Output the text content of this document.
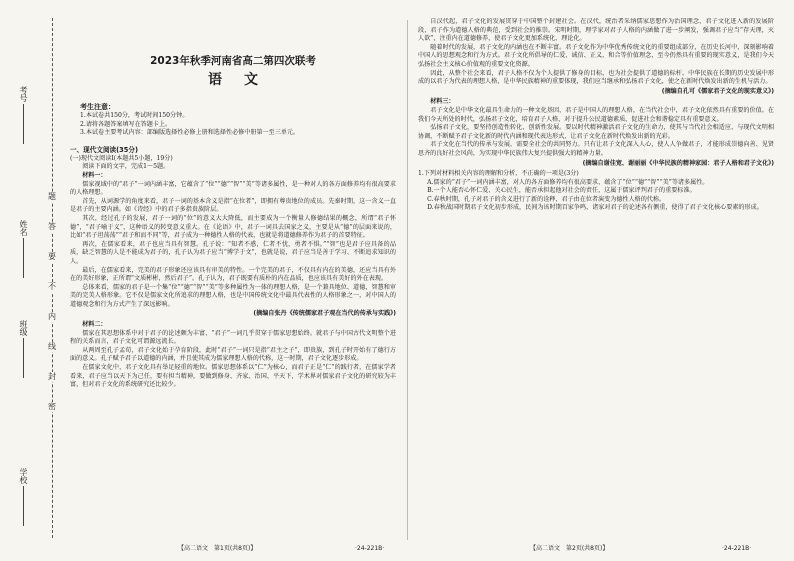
考号
姓名
班级
学校
题
答
要
不
内
线
封
密
2023年秋季河南省高二第四次联考
语文
考生注意：

1.本试卷共150分，考试时间150分钟。

2.请将各题答案填写在答题卡上。

3.本试卷主要考试内容：部编版选择性必修上册和选择性必修中册第一至三单元。

一、现代文阅读(35分)

(一)现代文阅读Ⅰ(本题共5小题，19分)

阅读下面的文字，完成1～5题。

材料一：

儒家视域中的“君子”一词内涵丰富，它蕴含了“位”“德”“智”“美”等诸多属性，是一种对人的各方面修养均有很高要求的人格理想。

首先，从词源学的角度来看，君子一词的基本含义是指“在位者”，即拥有尊贵地位的成员。先秦时期，这一含义一直是君子的主要内涵。如《诗经》中的君子多指贵族阶层。

其次，经过孔子的发展，君子一词的“位”的意义大大降低，而主要成为一个衡量人修德结果的概念，所谓“君子怀德”，“君子喻于义”，这种语义的转变意义重大。在《论语》中，君子一词具去国家之义，主要是从“德”的层面来说的，比如“君子坦荡荡”“君子和而不同”等，君子成为一种德性人格的代表，也就是将道德修养作为君子的首要特征。

再次，在儒家看来，君子也应当具有智慧。孔子说：“知者不惑，仁者不忧，勇者不惧。”“智”也是君子应具备的品质，缺乏智慧的人是不能成为君子的，孔子认为君子应当“博学于文”，也就是说，君子应当是善于学习、不断追求知识的人。

最后，在儒家看来，完美的君子形象还应该具有审美的特性。一个完美的君子，不仅具有内在的美德，还应当具有外在的美好形象，正所谓“文质彬彬，然后君子”。孔子认为，君子既要有质朴的内在品质，也应该具有美好的外在表现。

总体来看，儒家的君子是一个集“位”“德”“智”“美”等多种属性为一体的理想人格，是一个兼具地位、道德、智慧和审美的完美人格形象。它不仅是儒家文化所追求的理想人格，也是中国传统文化中最具代表性的人格形象之一，对中国人的道德观念和行为方式产生了深远影响。

(摘编自张丹《传统儒家君子观在当代的传承与实践》)

材料二：

儒家在其思想体系中对于君子的论述颇为丰富，“君子”一词几乎贯穿于儒家思想始终。就君子与中国古代文明整个进程的关系而言，君子文化可谓源远流长。

从两周至孔子孟荀，君子文化始于孕育阶段，此时“君子”一词只是指“君主之子”，即贵族，到孔子时开始有了德行方面的意义。孔子赋予君子以道德的内涵，并且使其成为儒家理想人格的代称，这一时期，君子文化逐步形成。

在儒家文化中，君子文化具有举足轻重的地位。儒家思想体系以“仁”为核心，而君子正是“仁”的践行者，在儒家学者看来，君子应当以天下为己任，要有担当精神，要做到修身、齐家、治国、平天下，学术界对儒家君子文化的研究较为丰富，但对君子文化的系统研究还比较少。

自汉代起，君子文化的发展贯穿于中国整个封建社会。在汉代，统治者采纳儒家思想作为治国理念，君子文化进入新的发展阶段，君子作为道德人格的典范，受到社会的推崇。宋明时期，理学家对君子人格的内涵做了进一步阐发，强调君子应当“存天理，灭人欲”，注重内在道德修养，使君子文化更加系统化、理论化。

随着时代的发展，君子文化的内涵也在不断丰富。君子文化作为中华优秀传统文化的重要组成部分，在历史长河中，深刻影响着中国人的思想观念和行为方式。君子文化所倡导的仁爱、诚信、正义、和合等价值理念，至今仍然具有重要的现实意义，是我们今天弘扬社会主义核心价值观的重要文化资源。

因此，从整个社会来看，君子人格不仅为个人提供了修身的目标，也为社会提供了道德的标杆。中华民族在长期的历史发展中形成的以君子为代表的理想人格，是中华民族精神的重要体现，我们应当继承和弘扬君子文化，使之在新时代焕发出新的生机与活力。

(摘编自孔可《儒家君子文化的现实意义》)

材料三：

君子文化是中华文化最具生命力的一种文化基因，君子是中国人的理想人格，在当代社会中，君子文化依然具有重要的价值。在我们今天所处的时代，弘扬君子文化，培育君子人格，对于提升公民道德素质、促进社会和谐稳定具有重要意义。

弘扬君子文化，要坚持创造性转化、创新性发展。要以时代精神激活君子文化的生命力，使其与当代社会相适应、与现代文明相协调，不断赋予君子文化新的时代内涵和现代表达形式，让君子文化在新时代焕发出新的光彩。

君子文化在当代的传承与发展，需要全社会的共同努力。只有让君子文化深入人心，使人人争做君子，才能形成崇德向善、见贤思齐的良好社会风尚，为实现中华民族伟大复兴提供强大的精神力量。

(摘编自谢佳宽、谢丽丽《中华民族的精神家园：君子人格和君子文化》)

1.下列对材料相关内容的理解和分析，不正确的一项是(3分)

A.儒家的“君子”一词内涵丰富，对人的各方面修养均有很高要求，蕴含了“位”“德”“智”“美”等诸多属性。

B.一个人能否心怀仁爱、关心民生，能否承担起他对社会的责任，这属于儒家评判君子的重要标准。

C.春秋时期，孔子对君子的含义进行了新的诠释，君子由在位者演变为德性人格的代称。

D.春秋战国时期君子文化初步形成，民间为该时期百家争鸣，诸家对君子的论述各有侧重，使得了君子文化核心要素的形成。

【高二语文　第1页(共8页)】	·24-221B·	【高二语文　第2页(共8页)】	·24-221B·
